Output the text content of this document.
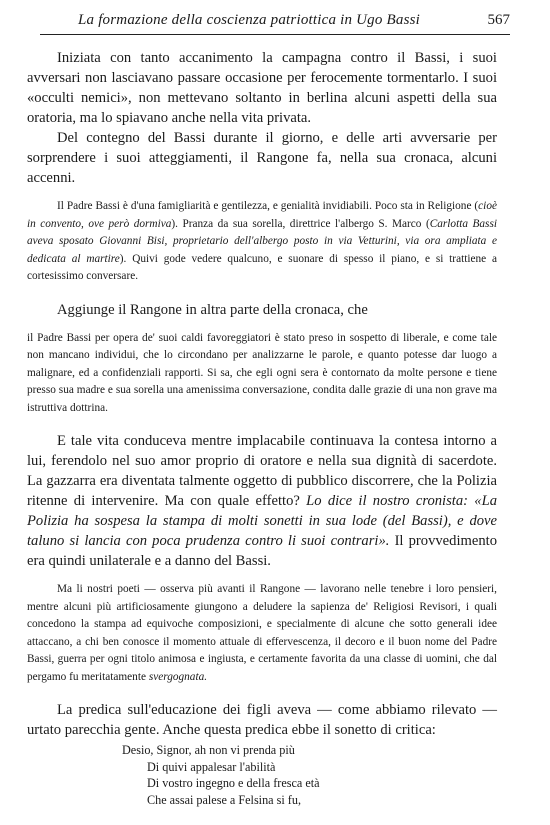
La formazione della coscienza patriottica in Ugo Bassi	567

Iniziata con tanto accanimento la campagna contro il Bassi, i suoi avversari non lasciavano passare occasione per ferocemente tormentarlo. I suoi «occulti nemici», non mettevano soltanto in berlina alcuni aspetti della sua oratoria, ma lo spiavano anche nella vita privata.

Del contegno del Bassi durante il giorno, e delle arti avversarie per sorprendere i suoi atteggiamenti, il Rangone fa, nella sua cronaca, alcuni accenni.

Il Padre Bassi è d'una famigliarità e gentilezza, e genialità invidiabili. Poco sta in Religione (cioè in convento, ove però dormiva). Pranza da sua sorella, direttrice l'albergo S. Marco (Carlotta Bassi aveva sposato Giovanni Bisi, proprietario dell'albergo posto in via Vetturini, via ora ampliata e dedicata al martire). Quivi gode vedere qualcuno, e suonare di spesso il piano, e si trattiene a cortesissimo conversare.

Aggiunge il Rangone in altra parte della cronaca, che

il Padre Bassi per opera de' suoi caldi favoreggiatori è stato preso in sospetto di liberale, e come tale non mancano individui, che lo circondano per analizzarne le parole, e quanto potesse dar luogo a malignare, ed a confidenziali rapporti. Si sa, che egli ogni sera è contornato da molte persone e tiene presso sua madre e sua sorella una amenissima conversazione, condita dalle grazie di una non grave ma istruttiva dottrina.

E tale vita conduceva mentre implacabile continuava la contesa intorno a lui, ferendolo nel suo amor proprio di oratore e nella sua dignità di sacerdote. La gazzarra era diventata talmente oggetto di pubblico discorrere, che la Polizia ritenne di intervenire. Ma con quale effetto? Lo dice il nostro cronista: «La Polizia ha sospesa la stampa di molti sonetti in sua lode (del Bassi), e dove taluno si lancia con poca prudenza contro li suoi contrari». Il provvedimento era quindi unilaterale e a danno del Bassi.

Ma li nostri poeti — osserva più avanti il Rangone — lavorano nelle tenebre i loro pensieri, mentre alcuni più artificiosamente giungono a deludere la sapienza de' Religiosi Revisori, i quali concedono la stampa ad equivoche composizioni, e specialmente di alcune che sotto generali idee attaccano, a chi ben conosce il momento attuale di effervescenza, il decoro e il buon nome del Padre Bassi, guerra per ogni titolo animosa e ingiusta, e certamente favorita da una classe di uomini, che dal pergamo fu meritatamente svergognata.

La predica sull'educazione dei figli aveva — come abbiamo rilevato — urtato parecchia gente. Anche questa predica ebbe il sonetto di critica:

Desio, Signor, ah non vi prenda più
Di quivi appalesar l'abilità
Di vostro ingegno e della fresca età
Che assai palese a Felsina si fu,
